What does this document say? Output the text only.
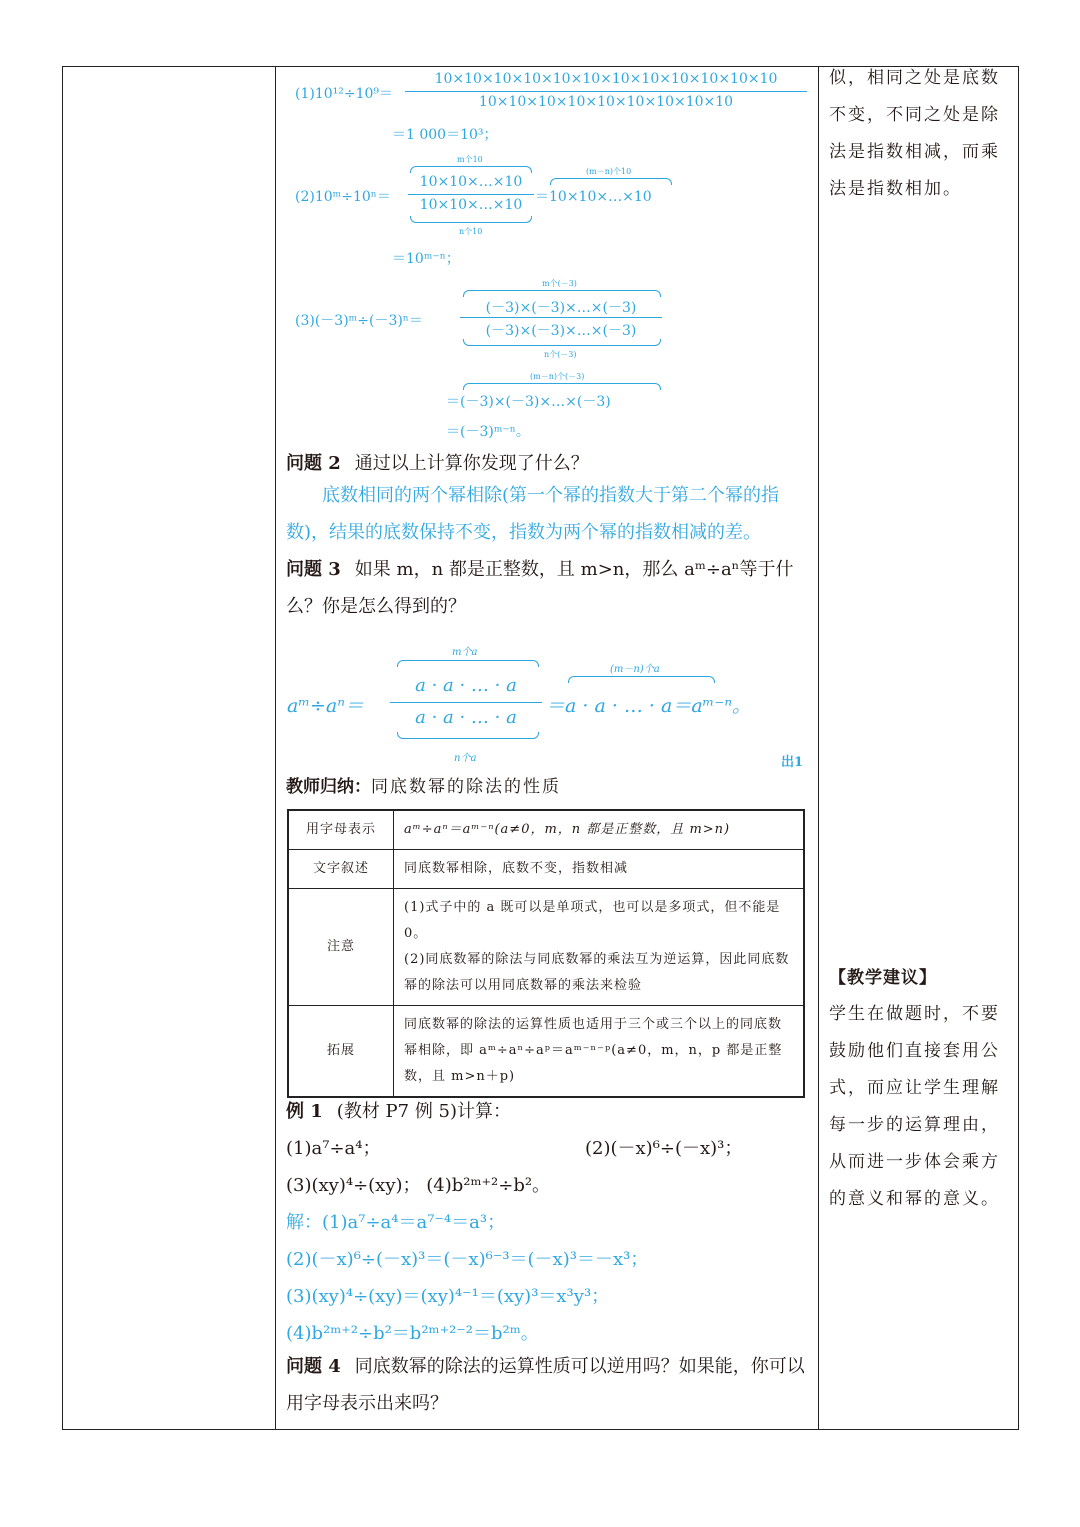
(1)10¹²÷10⁹＝
10×10×10×10×10×10×10×10×10×10×10×10
10×10×10×10×10×10×10×10×10
＝1 000＝10³；
m个10
(2)10ᵐ÷10ⁿ＝
10×10×…×10
10×10×…×10
n个10
(m－n)个10
＝10×10×…×10
＝10ᵐ⁻ⁿ；
m个(－3)
(3)(－3)ᵐ÷(－3)ⁿ＝
(－3)×(－3)×…×(－3)
(－3)×(－3)×…×(－3)
n个(－3)
(m－n)个(－3)
＝(－3)×(－3)×…×(－3)
＝(－3)ᵐ⁻ⁿ。
问题 2 通过以上计算你发现了什么？
底数相同的两个幂相除(第一个幂的指数大于第二个幂的指数)，结果的底数保持不变，指数为两个幂的指数相减的差。
问题 3 如果 m，n 都是正整数，且 m>n，那么 aᵐ÷aⁿ等于什么？你是怎么得到的？
m个a
aᵐ÷aⁿ＝
a · a · … · a
a · a · … · a
n个a
(m－n)个a
＝a · a · … · a＝aᵐ⁻ⁿ。
岀1
教师归纳：同底数幂的除法的性质
用字母表示	aᵐ÷aⁿ＝aᵐ⁻ⁿ(a≠0，m，n 都是正整数，且 m>n)
文字叙述	同底数幂相除，底数不变，指数相减
注意	(1)式子中的 a 既可以是单项式，也可以是多项式，但不能是 0。
(2)同底数幂的除法与同底数幂的乘法互为逆运算，因此同底数幂的除法可以用同底数幂的乘法来检验

拓展	同底数幂的除法的运算性质也适用于三个或三个以上的同底数幂相除，即 aᵐ÷aⁿ÷aᵖ＝aᵐ⁻ⁿ⁻ᵖ(a≠0，m，n，p 都是正整数，且 m>n＋p)
例 1 (教材 P7 例 5)计算：
(1)a⁷÷a⁴；	(2)(－x)⁶÷(－x)³；
(3)(xy)⁴÷(xy)； (4)b²ᵐ⁺²÷b²。
解：(1)a⁷÷a⁴＝a⁷⁻⁴＝a³；
(2)(－x)⁶÷(－x)³＝(－x)⁶⁻³＝(－x)³＝－x³；
(3)(xy)⁴÷(xy)＝(xy)⁴⁻¹＝(xy)³＝x³y³；
(4)b²ᵐ⁺²÷b²＝b²ᵐ⁺²⁻²＝b²ᵐ。
问题 4 同底数幂的除法的运算性质可以逆用吗？如果能，你可以用字母表示出来吗？
似，相同之处是底数不变，不同之处是除法是指数相减，而乘法是指数相加。
【教学建议】
学生在做题时，不要鼓励他们直接套用公式，而应让学生理解每一步的运算理由，从而进一步体会乘方的意义和幂的意义。
